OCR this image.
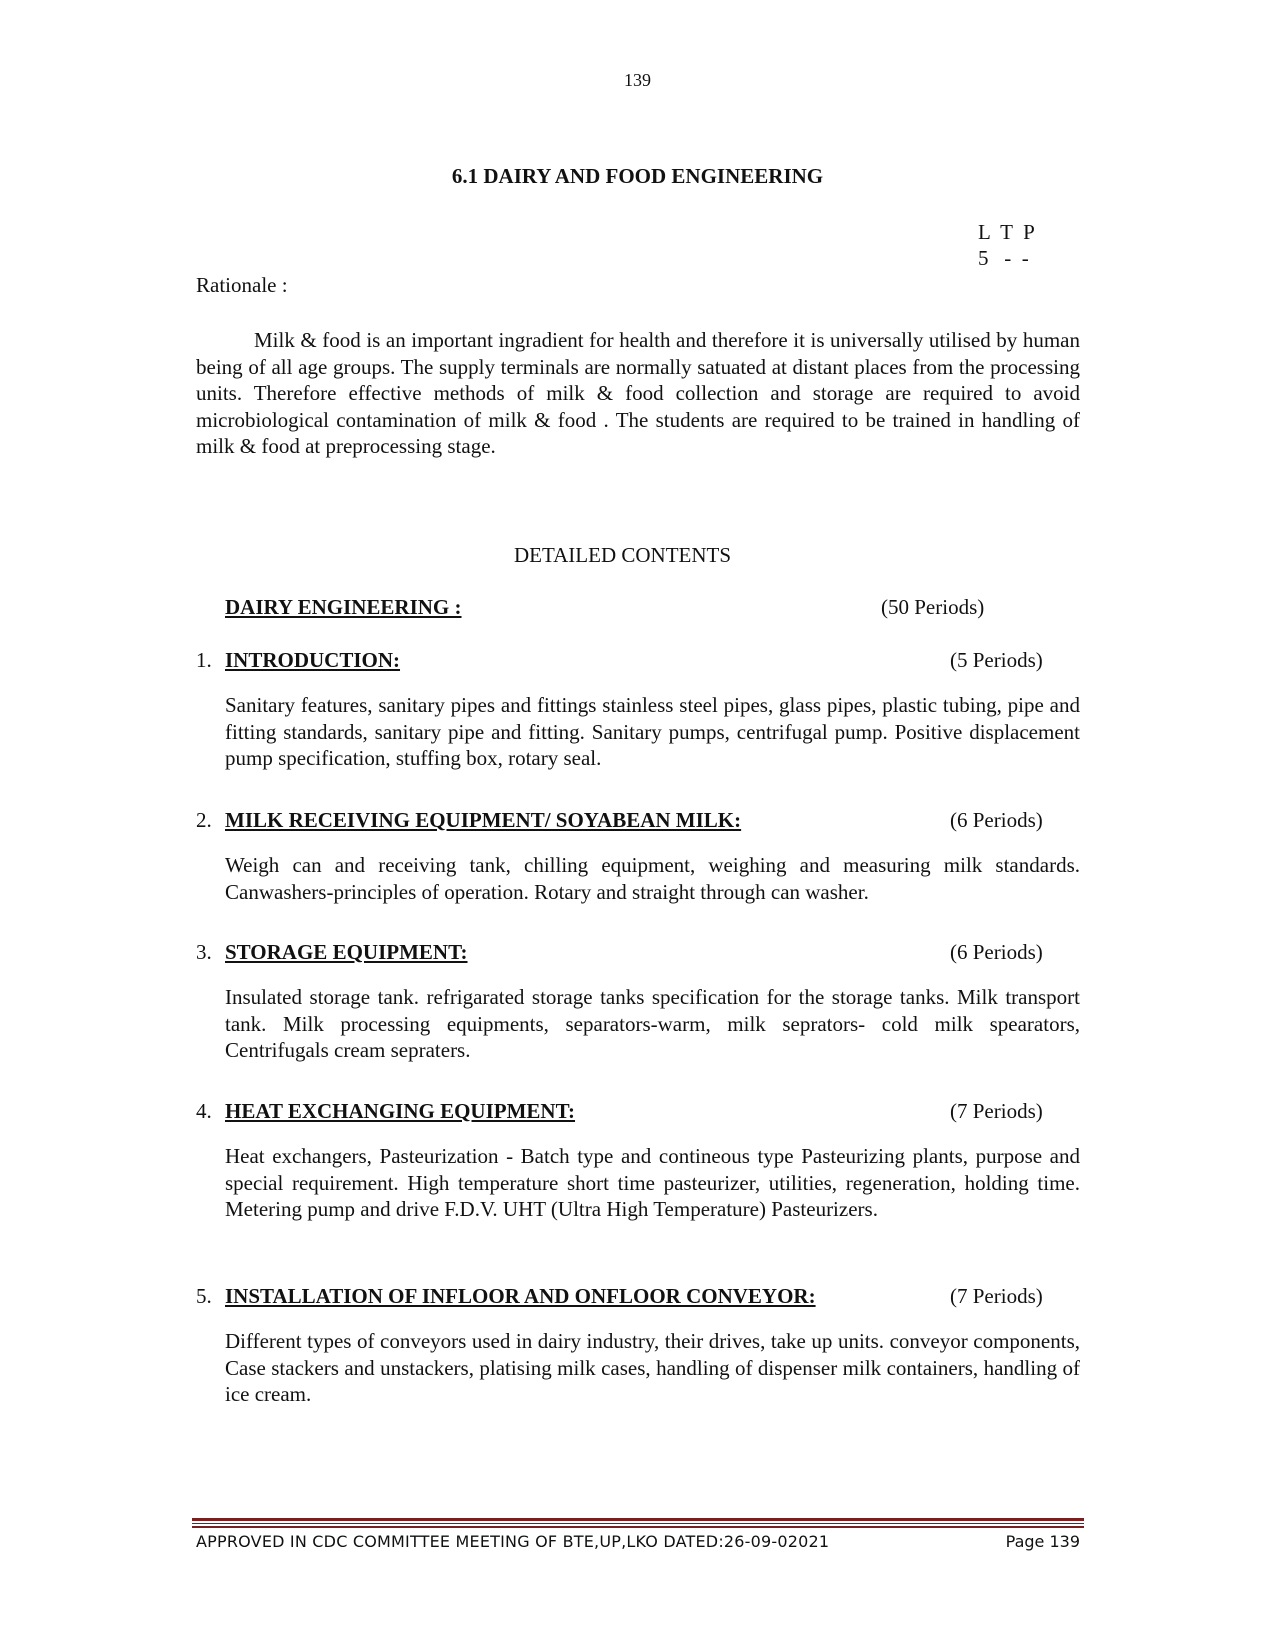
139
6.1 DAIRY AND FOOD ENGINEERING
L  T  P
5   -  -
Rationale :
Milk & food is an important ingradient for health and therefore it is universally utilised by human being of all age groups. The supply terminals are normally satuated at distant places from the processing units. Therefore effective methods of milk & food collection and storage are required to avoid microbiological contamination of milk & food . The students are required to be trained in handling of milk & food at preprocessing stage.
DETAILED CONTENTS
DAIRY ENGINEERING :	(50 Periods)
1. INTRODUCTION:	(5 Periods)
Sanitary features, sanitary pipes and fittings stainless steel pipes, glass pipes, plastic tubing, pipe and fitting standards, sanitary pipe and fitting. Sanitary pumps, centrifugal pump. Positive displacement pump specification, stuffing box, rotary seal.
2. MILK RECEIVING EQUIPMENT/ SOYABEAN MILK:	(6 Periods)
Weigh can and receiving tank, chilling equipment, weighing and measuring milk standards. Canwashers-principles of operation. Rotary and straight through can washer.
3. STORAGE EQUIPMENT:	(6 Periods)
Insulated storage tank. refrigarated storage tanks specification for the storage tanks. Milk transport tank. Milk processing equipments, separators-warm, milk seprators- cold milk spearators, Centrifugals cream sepraters.
4. HEAT EXCHANGING EQUIPMENT:	(7 Periods)
Heat exchangers, Pasteurization - Batch type and contineous type Pasteurizing plants, purpose and special requirement. High temperature short time pasteurizer, utilities, regeneration, holding time. Metering pump and drive F.D.V. UHT (Ultra High Temperature) Pasteurizers.
5. INSTALLATION OF INFLOOR AND ONFLOOR CONVEYOR:	(7 Periods)
Different types of conveyors used in dairy industry, their drives, take up units. conveyor components, Case stackers and unstackers, platising milk cases, handling of dispenser milk containers, handling of ice cream.
APPROVED IN CDC COMMITTEE MEETING OF BTE,UP,LKO DATED:26-09-02021	Page 139
